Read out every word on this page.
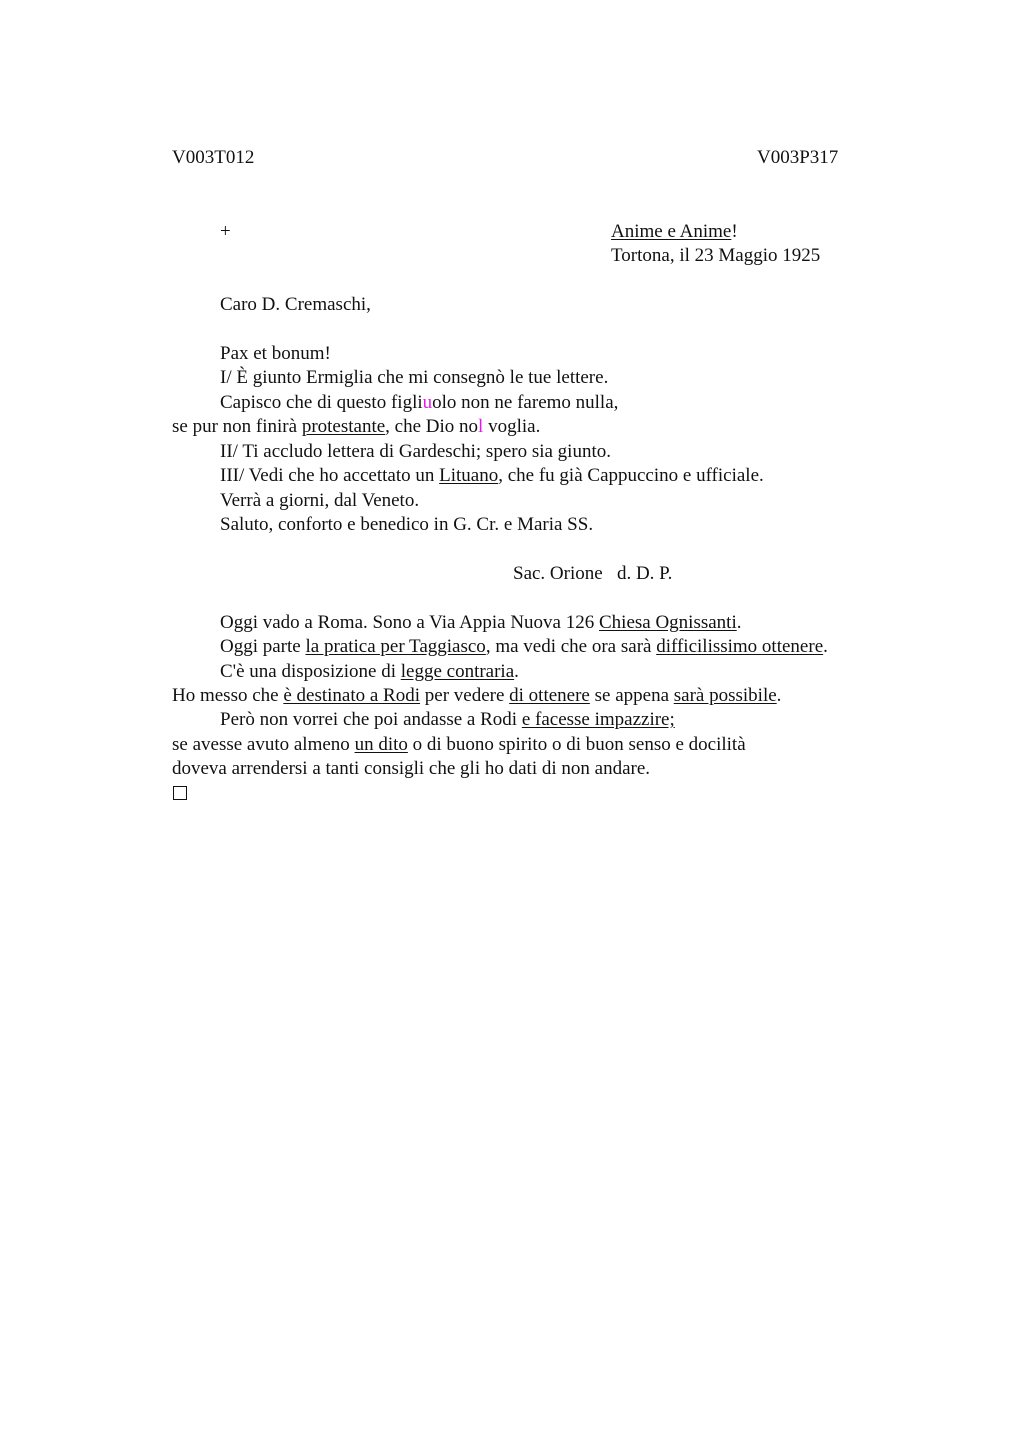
V003T012	V003P317
+	Anime e Anime!
Tortona, il 23 Maggio 1925
Caro D. Cremaschi,
Pax et bonum!
I/ È giunto Ermiglia che mi consegnò le tue lettere.
Capisco che di questo figliuolo non ne faremo nulla,
se pur non finirà protestante, che Dio nol voglia.
II/ Ti accludo lettera di Gardeschi; spero sia giunto.
III/ Vedi che ho accettato un Lituano, che fu già Cappuccino e ufficiale.
Verrà a giorni, dal Veneto.
Saluto, conforto e benedico in G. Cr. e Maria SS.
Sac. Orione   d. D. P.
Oggi vado a Roma. Sono a Via Appia Nuova 126 Chiesa Ognissanti.
Oggi parte la pratica per Taggiasco, ma vedi che ora sarà difficilissimo ottenere.
C'è una disposizione di legge contraria.
Ho messo che è destinato a Rodi per vedere di ottenere se appena sarà possibile.
Però non vorrei che poi andasse a Rodi e facesse impazzire;
se avesse avuto almeno un dito o di buono spirito o di buon senso e docilità
doveva arrendersi a tanti consigli che gli ho dati di non andare.
